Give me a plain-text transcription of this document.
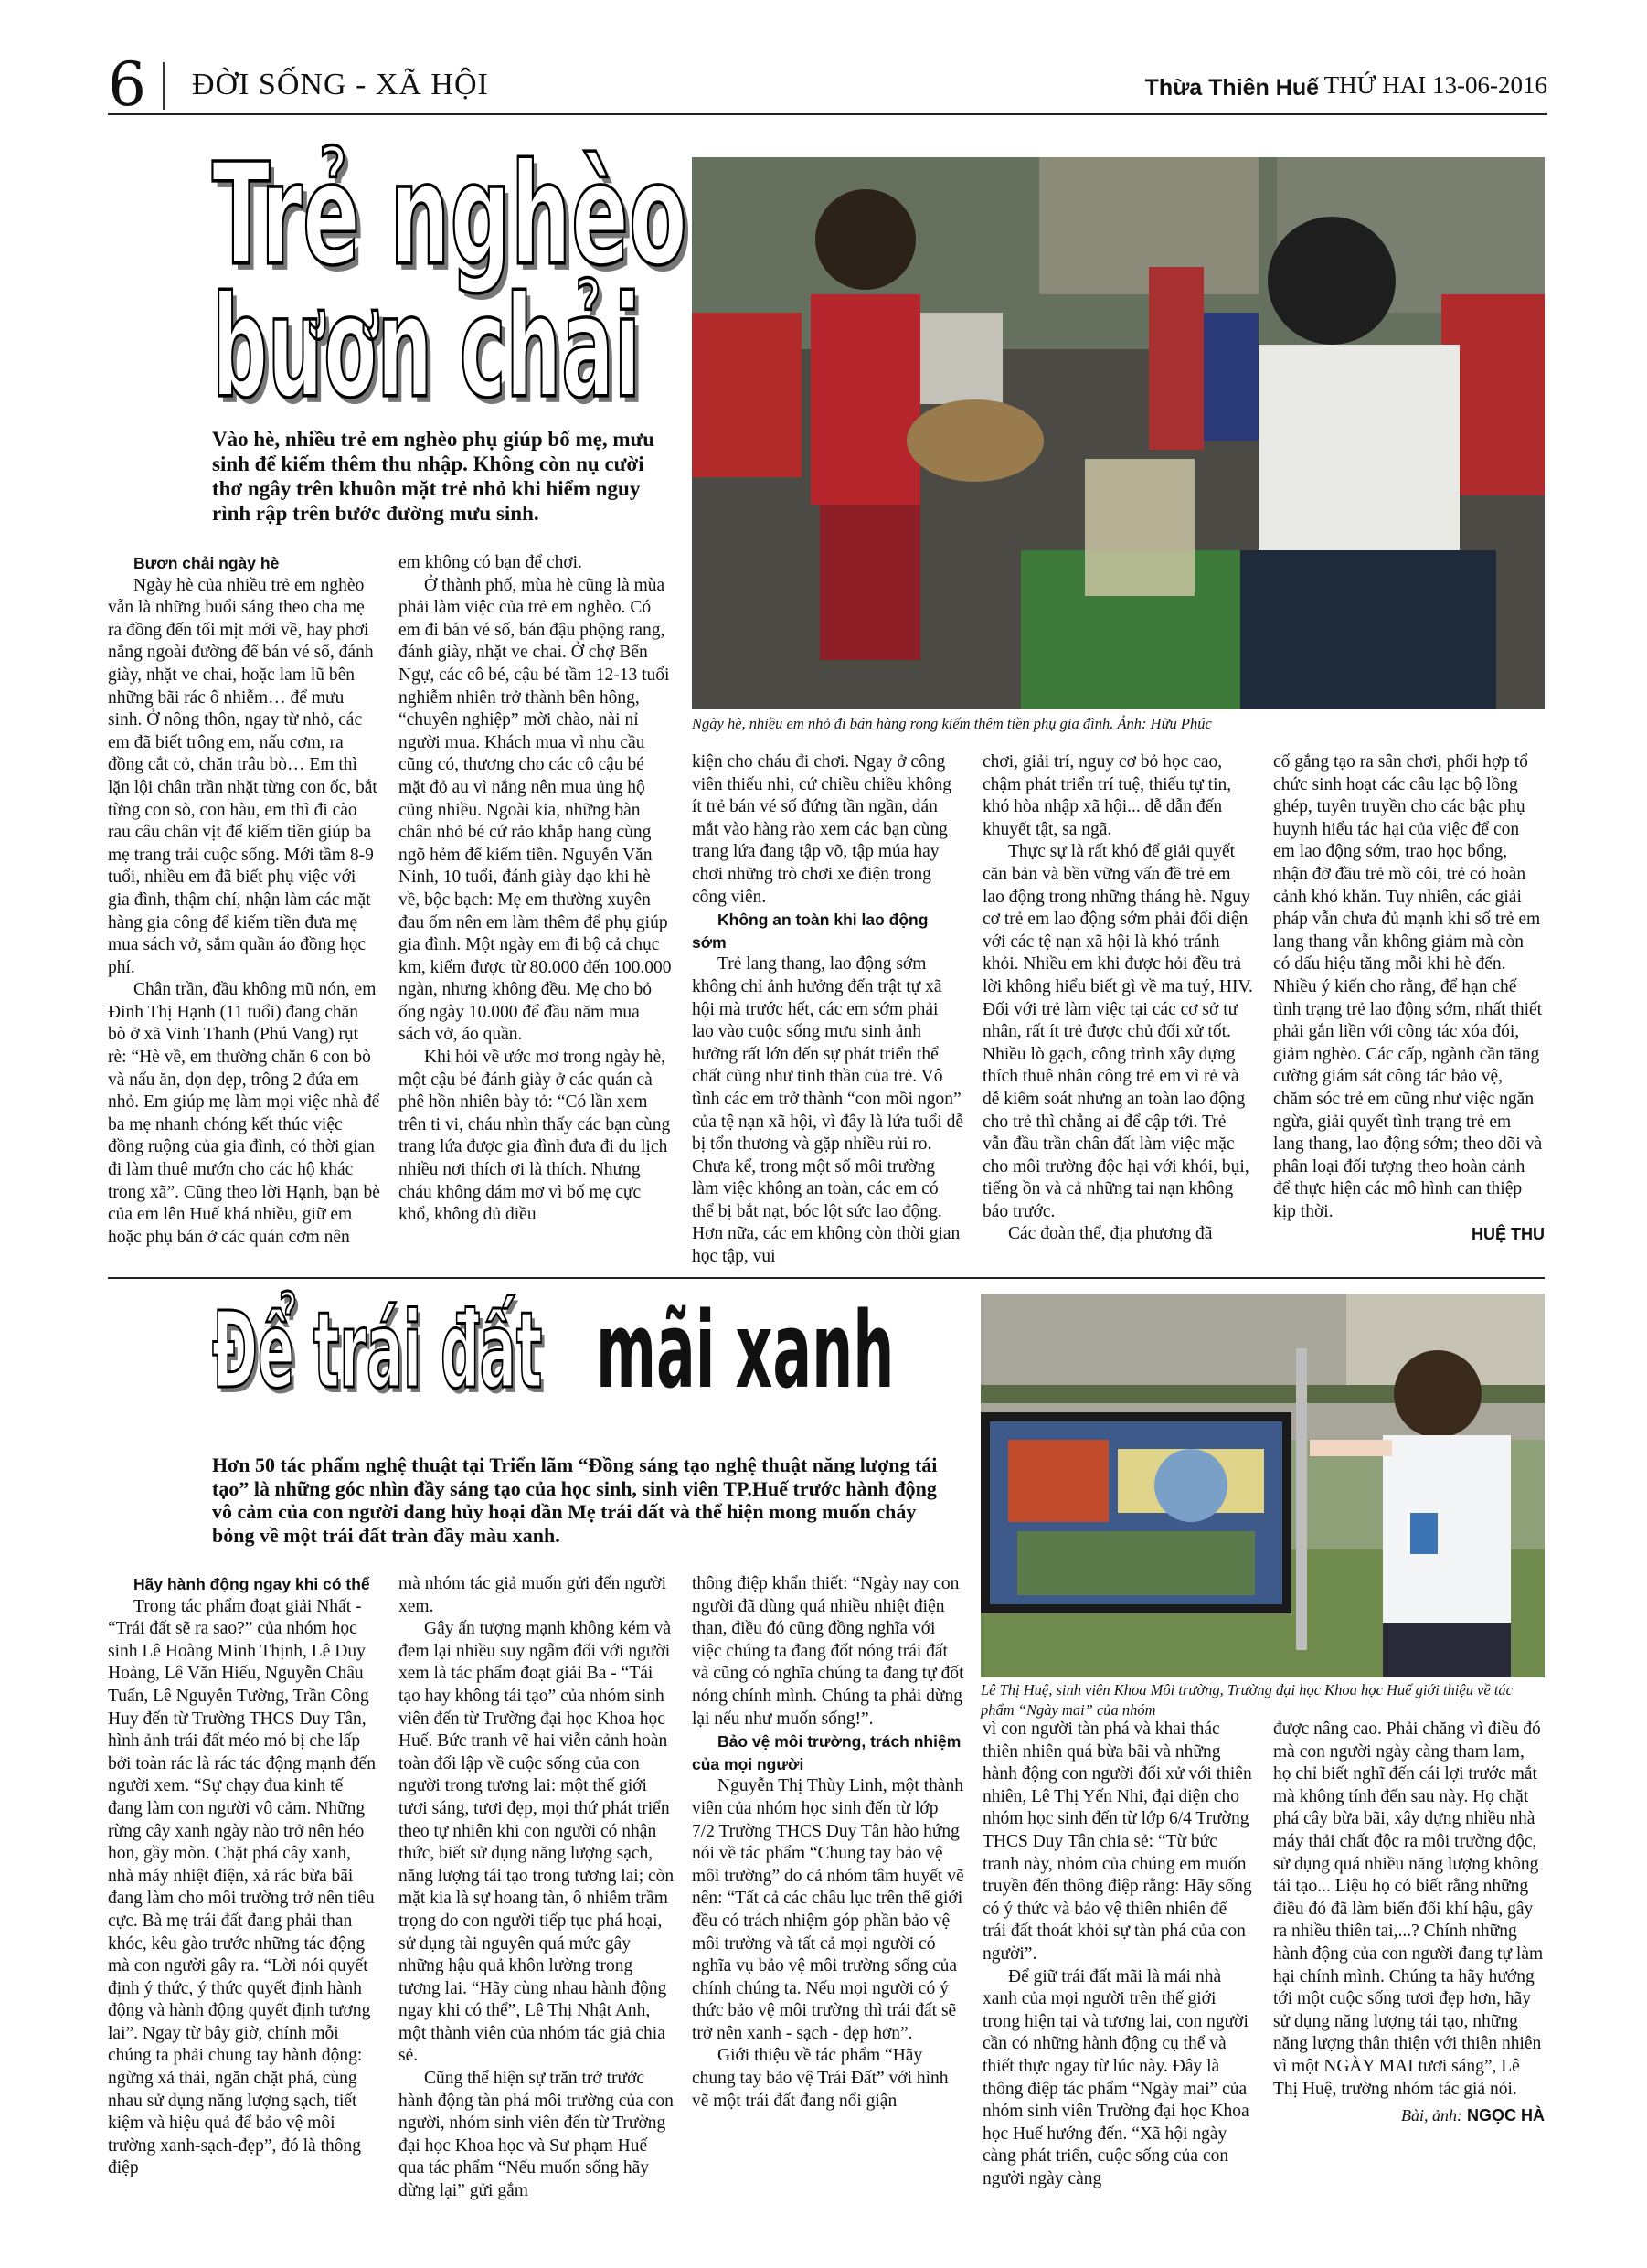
6 ĐỜI SỐNG - XÃ HỘI	Thừa Thiên Huế THỨ HAI 13-06-2016
Trẻ nghèo
bươn chải
Vào hè, nhiều trẻ em nghèo phụ giúp bố mẹ, mưu sinh để kiếm thêm thu nhập. Không còn nụ cười thơ ngây trên khuôn mặt trẻ nhỏ khi hiểm nguy rình rập trên bước đường mưu sinh.
Ngày hè, nhiều em nhỏ đi bán hàng rong kiếm thêm tiền phụ gia đình. Ảnh: Hữu Phúc

Bươn chải ngày hè

Ngày hè của nhiều trẻ em nghèo vẫn là những buổi sáng theo cha mẹ ra đồng đến tối mịt mới về, hay phơi nắng ngoài đường để bán vé số, đánh giày, nhặt ve chai, hoặc lam lũ bên những bãi rác ô nhiễm… để mưu sinh. Ở nông thôn, ngay từ nhỏ, các em đã biết trông em, nấu cơm, ra đồng cắt cỏ, chăn trâu bò… Em thì lặn lội chân trần nhặt từng con ốc, bắt từng con sò, con hàu, em thì đi cào rau câu chân vịt để kiếm tiền giúp ba mẹ trang trải cuộc sống. Mới tầm 8-9 tuổi, nhiều em đã biết phụ việc với gia đình, thậm chí, nhận làm các mặt hàng gia công để kiếm tiền đưa mẹ mua sách vở, sắm quần áo đồng học phí.

Chân trần, đầu không mũ nón, em Đinh Thị Hạnh (11 tuổi) đang chăn bò ở xã Vinh Thanh (Phú Vang) rụt rè: “Hè về, em thường chăn 6 con bò và nấu ăn, dọn dẹp, trông 2 đứa em nhỏ. Em giúp mẹ làm mọi việc nhà để ba mẹ nhanh chóng kết thúc việc đồng ruộng của gia đình, có thời gian đi làm thuê mướn cho các hộ khác trong xã”. Cũng theo lời Hạnh, bạn bè của em lên Huế khá nhiều, giữ em hoặc phụ bán ở các quán cơm nên

em không có bạn để chơi.

Ở thành phố, mùa hè cũng là mùa phải làm việc của trẻ em nghèo. Có em đi bán vé số, bán đậu phộng rang, đánh giày, nhặt ve chai. Ở chợ Bến Ngự, các cô bé, cậu bé tầm 12-13 tuổi nghiễm nhiên trở thành bên hông, “chuyên nghiệp” mời chào, nài nỉ người mua. Khách mua vì nhu cầu cũng có, thương cho các cô cậu bé mặt đỏ au vì nắng nên mua ủng hộ cũng nhiều. Ngoài kia, những bàn chân nhỏ bé cứ rảo khắp hang cùng ngõ hẻm để kiếm tiền. Nguyễn Văn Ninh, 10 tuổi, đánh giày dạo khi hè về, bộc bạch: Mẹ em thường xuyên đau ốm nên em làm thêm để phụ giúp gia đình. Một ngày em đi bộ cả chục km, kiếm được từ 80.000 đến 100.000 ngàn, nhưng không đều. Mẹ cho bỏ ống ngày 10.000 để đầu năm mua sách vở, áo quần.

Khi hỏi về ước mơ trong ngày hè, một cậu bé đánh giày ở các quán cà phê hồn nhiên bày tỏ: “Có lần xem trên ti vi, cháu nhìn thấy các bạn cùng trang lứa được gia đình đưa đi du lịch nhiều nơi thích ơi là thích. Nhưng cháu không dám mơ vì bố mẹ cực khổ, không đủ điều

kiện cho cháu đi chơi. Ngay ở công viên thiếu nhi, cứ chiều chiều không ít trẻ bán vé số đứng tần ngần, dán mắt vào hàng rào xem các bạn cùng trang lứa đang tập võ, tập múa hay chơi những trò chơi xe điện trong công viên.

Không an toàn khi lao động sớm

Trẻ lang thang, lao động sớm không chỉ ảnh hưởng đến trật tự xã hội mà trước hết, các em sớm phải lao vào cuộc sống mưu sinh ảnh hưởng rất lớn đến sự phát triển thể chất cũng như tinh thần của trẻ. Vô tình các em trở thành “con mồi ngon” của tệ nạn xã hội, vì đây là lứa tuổi dễ bị tổn thương và gặp nhiều rủi ro. Chưa kể, trong một số môi trường làm việc không an toàn, các em có thể bị bắt nạt, bóc lột sức lao động. Hơn nữa, các em không còn thời gian học tập, vui

chơi, giải trí, nguy cơ bỏ học cao, chậm phát triển trí tuệ, thiếu tự tin, khó hòa nhập xã hội... dễ dẫn đến khuyết tật, sa ngã.

Thực sự là rất khó để giải quyết căn bản và bền vững vấn đề trẻ em lao động trong những tháng hè. Nguy cơ trẻ em lao động sớm phải đối diện với các tệ nạn xã hội là khó tránh khỏi. Nhiều em khi được hỏi đều trả lời không hiểu biết gì về ma tuý, HIV. Đối với trẻ làm việc tại các cơ sở tư nhân, rất ít trẻ được chủ đối xử tốt. Nhiều lò gạch, công trình xây dựng thích thuê nhân công trẻ em vì rẻ và dễ kiểm soát nhưng an toàn lao động cho trẻ thì chẳng ai để cập tới. Trẻ vẫn đầu trần chân đất làm việc mặc cho môi trường độc hại với khói, bụi, tiếng ồn và cả những tai nạn không báo trước.

Các đoàn thể, địa phương đã

cố gắng tạo ra sân chơi, phối hợp tổ chức sinh hoạt các câu lạc bộ lồng ghép, tuyên truyền cho các bậc phụ huynh hiểu tác hại của việc để con em lao động sớm, trao học bổng, nhận đỡ đầu trẻ mồ côi, trẻ có hoàn cảnh khó khăn. Tuy nhiên, các giải pháp vẫn chưa đủ mạnh khi số trẻ em lang thang vẫn không giảm mà còn có dấu hiệu tăng mỗi khi hè đến. Nhiều ý kiến cho rằng, để hạn chế tình trạng trẻ lao động sớm, nhất thiết phải gắn liền với công tác xóa đói, giảm nghèo. Các cấp, ngành cần tăng cường giám sát công tác bảo vệ, chăm sóc trẻ em cũng như việc ngăn ngừa, giải quyết tình trạng trẻ em lang thang, lao động sớm; theo dõi và phân loại đối tượng theo hoàn cảnh để thực hiện các mô hình can thiệp kịp thời.

HUỆ THU
Để trái đất mãi xanh
Hơn 50 tác phẩm nghệ thuật tại Triển lãm “Đồng sáng tạo nghệ thuật năng lượng tái tạo” là những góc nhìn đầy sáng tạo của học sinh, sinh viên TP.Huế trước hành động vô cảm của con người đang hủy hoại dần Mẹ trái đất và thể hiện mong muốn cháy bỏng về một trái đất tràn đầy màu xanh.
Lê Thị Huệ, sinh viên Khoa Môi trường, Trường đại học Khoa học Huế giới thiệu về tác phẩm “Ngày mai” của nhóm

Hãy hành động ngay khi có thể

Trong tác phẩm đoạt giải Nhất - “Trái đất sẽ ra sao?” của nhóm học sinh Lê Hoàng Minh Thịnh, Lê Duy Hoàng, Lê Văn Hiếu, Nguyễn Châu Tuấn, Lê Nguyễn Tường, Trần Công Huy đến từ Trường THCS Duy Tân, hình ảnh trái đất méo mó bị che lấp bởi toàn rác là rác tác động mạnh đến người xem. “Sự chạy đua kinh tế đang làm con người vô cảm. Những rừng cây xanh ngày nào trở nên héo hon, gầy mòn. Chặt phá cây xanh, nhà máy nhiệt điện, xả rác bừa bãi đang làm cho môi trường trở nên tiêu cực. Bà mẹ trái đất đang phải than khóc, kêu gào trước những tác động mà con người gây ra. “Lời nói quyết định ý thức, ý thức quyết định hành động và hành động quyết định tương lai”. Ngay từ bây giờ, chính mỗi chúng ta phải chung tay hành động: ngừng xả thải, ngăn chặt phá, cùng nhau sử dụng năng lượng sạch, tiết kiệm và hiệu quả để bảo vệ môi trường xanh-sạch-đẹp”, đó là thông điệp

mà nhóm tác giả muốn gửi đến người xem.

Gây ấn tượng mạnh không kém và đem lại nhiều suy ngẫm đối với người xem là tác phẩm đoạt giải Ba - “Tái tạo hay không tái tạo” của nhóm sinh viên đến từ Trường đại học Khoa học Huế. Bức tranh vẽ hai viễn cảnh hoàn toàn đối lập về cuộc sống của con người trong tương lai: một thế giới tươi sáng, tươi đẹp, mọi thứ phát triển theo tự nhiên khi con người có nhận thức, biết sử dụng năng lượng sạch, năng lượng tái tạo trong tương lai; còn mặt kia là sự hoang tàn, ô nhiễm trầm trọng do con người tiếp tục phá hoại, sử dụng tài nguyên quá mức gây những hậu quả khôn lường trong tương lai. “Hãy cùng nhau hành động ngay khi có thể”, Lê Thị Nhật Anh, một thành viên của nhóm tác giả chia sẻ.

Cũng thể hiện sự trăn trở trước hành động tàn phá môi trường của con người, nhóm sinh viên đến từ Trường đại học Khoa học và Sư phạm Huế qua tác phẩm “Nếu muốn sống hãy dừng lại” gửi gắm

thông điệp khẩn thiết: “Ngày nay con người đã dùng quá nhiều nhiệt điện than, điều đó cũng đồng nghĩa với việc chúng ta đang đốt nóng trái đất và cũng có nghĩa chúng ta đang tự đốt nóng chính mình. Chúng ta phải dừng lại nếu như muốn sống!”.

Bảo vệ môi trường, trách nhiệm của mọi người

Nguyễn Thị Thùy Linh, một thành viên của nhóm học sinh đến từ lớp 7/2 Trường THCS Duy Tân hào hứng nói về tác phẩm “Chung tay bảo vệ môi trường” do cả nhóm tâm huyết vẽ nên: “Tất cả các châu lục trên thế giới đều có trách nhiệm góp phần bảo vệ môi trường và tất cả mọi người có nghĩa vụ bảo vệ môi trường sống của chính chúng ta. Nếu mọi người có ý thức bảo vệ môi trường thì trái đất sẽ trở nên xanh - sạch - đẹp hơn”.

Giới thiệu về tác phẩm “Hãy chung tay bảo vệ Trái Đất” với hình vẽ một trái đất đang nổi giận

vì con người tàn phá và khai thác thiên nhiên quá bừa bãi và những hành động con người đối xử với thiên nhiên, Lê Thị Yến Nhi, đại diện cho nhóm học sinh đến từ lớp 6/4 Trường THCS Duy Tân chia sẻ: “Từ bức tranh này, nhóm của chúng em muốn truyền đến thông điệp rằng: Hãy sống có ý thức và bảo vệ thiên nhiên để trái đất thoát khỏi sự tàn phá của con người”.

Để giữ trái đất mãi là mái nhà xanh của mọi người trên thế giới trong hiện tại và tương lai, con người cần có những hành động cụ thể và thiết thực ngay từ lúc này. Đây là thông điệp tác phẩm “Ngày mai” của nhóm sinh viên Trường đại học Khoa học Huế hướng đến. “Xã hội ngày càng phát triển, cuộc sống của con người ngày càng

được nâng cao. Phải chăng vì điều đó mà con người ngày càng tham lam, họ chỉ biết nghĩ đến cái lợi trước mắt mà không tính đến sau này. Họ chặt phá cây bừa bãi, xây dựng nhiều nhà máy thải chất độc ra môi trường độc, sử dụng quá nhiều năng lượng không tái tạo... Liệu họ có biết rằng những điều đó đã làm biến đổi khí hậu, gây ra nhiều thiên tai,...? Chính những hành động của con người đang tự làm hại chính mình. Chúng ta hãy hướng tới một cuộc sống tươi đẹp hơn, hãy sử dụng năng lượng tái tạo, những năng lượng thân thiện với thiên nhiên vì một NGÀY MAI tươi sáng”, Lê Thị Huệ, trường nhóm tác giả nói.

Bài, ảnh: NGỌC HÀ
